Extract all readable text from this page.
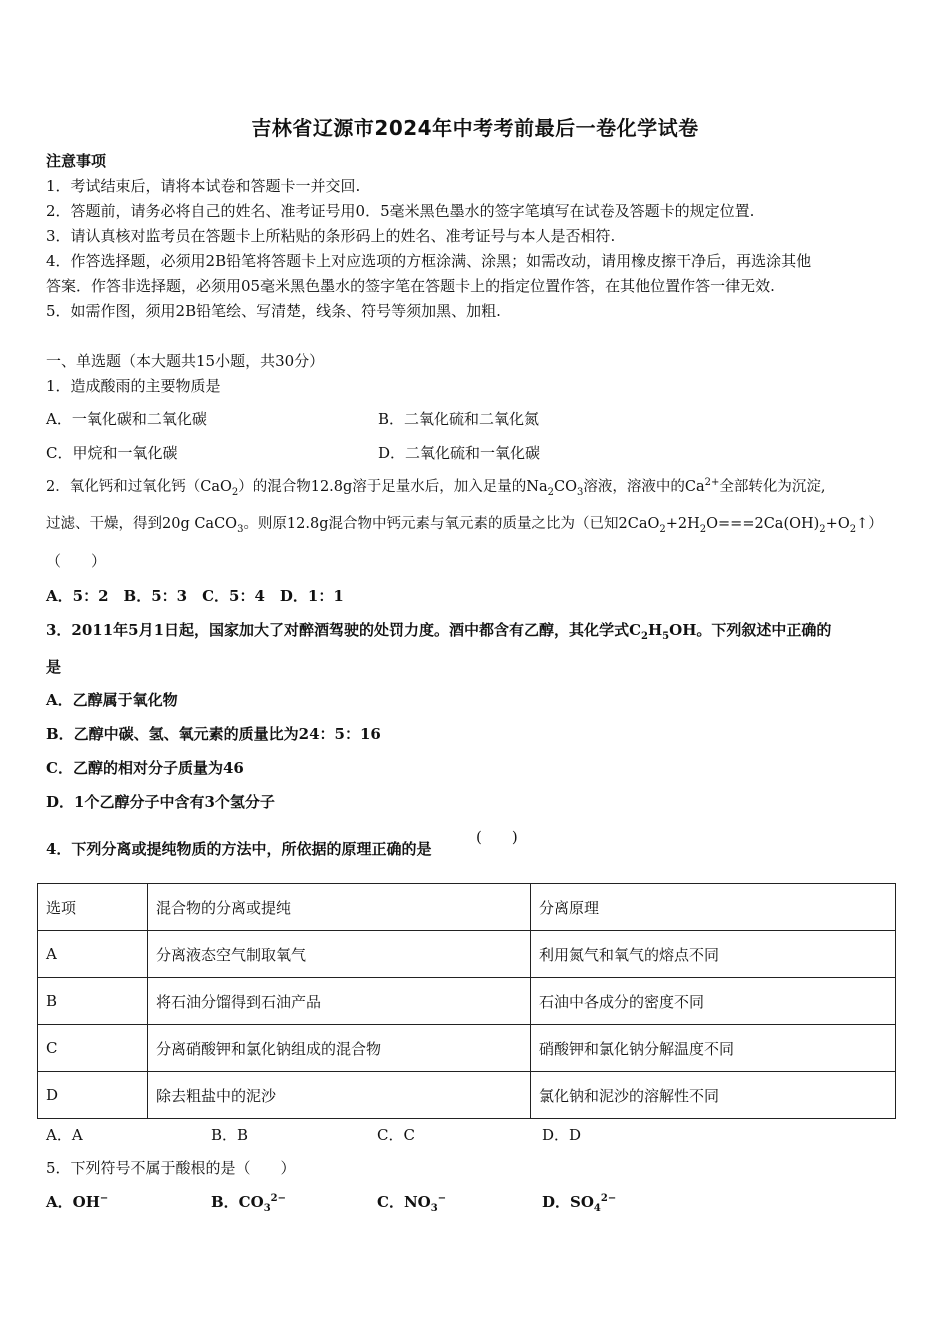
吉林省辽源市2024年中考考前最后一卷化学试卷
注意事项
1．考试结束后，请将本试卷和答题卡一并交回.
2．答题前，请务必将自己的姓名、准考证号用0．5毫米黑色墨水的签字笔填写在试卷及答题卡的规定位置.
3．请认真核对监考员在答题卡上所粘贴的条形码上的姓名、准考证号与本人是否相符.
4．作答选择题，必须用2B铅笔将答题卡上对应选项的方框涂满、涂黑；如需改动，请用橡皮擦干净后，再选涂其他
答案．作答非选择题，必须用05毫米黑色墨水的签字笔在答题卡上的指定位置作答，在其他位置作答一律无效.
5．如需作图，须用2B铅笔绘、写清楚，线条、符号等须加黑、加粗.
一、单选题（本大题共15小题，共30分）
1．造成酸雨的主要物质是
A．一氧化碳和二氧化碳	B．二氧化硫和二氧化氮
C．甲烷和一氧化碳	D．二氧化硫和一氧化碳
2．氧化钙和过氧化钙（CaO$_2$）的混合物12.8g溶于足量水后，加入足量的$Na_2CO_3$溶液，溶液中的$Ca^{2+}$全部转化为沉淀,
过滤、干燥，得到20g CaCO$_3$。则原12.8g混合物中钙元素与氧元素的质量之比为（已知$2CaO_2+2H_2O===2Ca(OH)_2+O_2↑$）
（　　）
A．5：2　B．5：3　C．5：4　D．1：1
3．2011年5月1日起，国家加大了对醉酒驾驶的处罚力度。酒中都含有乙醇，其化学式$C_2H_5OH$。下列叙述中正确的
是
A．乙醇属于氧化物
B．乙醇中碳、氢、氧元素的质量比为24：5：16
C．乙醇的相对分子质量为46
D．1个乙醇分子中含有3个氢分子
4．下列分离或提纯物质的方法中，所依据的原理正确的是
(　　)
选项	混合物的分离或提纯	分离原理
A	分离液态空气制取氧气	利用氮气和氧气的熔点不同
B	将石油分馏得到石油产品	石油中各成分的密度不同
C	分离硝酸钾和氯化钠组成的混合物	硝酸钾和氯化钠分解温度不同
D	除去粗盐中的泥沙	氯化钠和泥沙的溶解性不同
A．A	B．B	C．C	D．D
5．下列符号不属于酸根的是（　　）
A．OH−	B．$CO_3^{2-}$	C．$NO_3^-$	D．$SO_4^{2-}$
